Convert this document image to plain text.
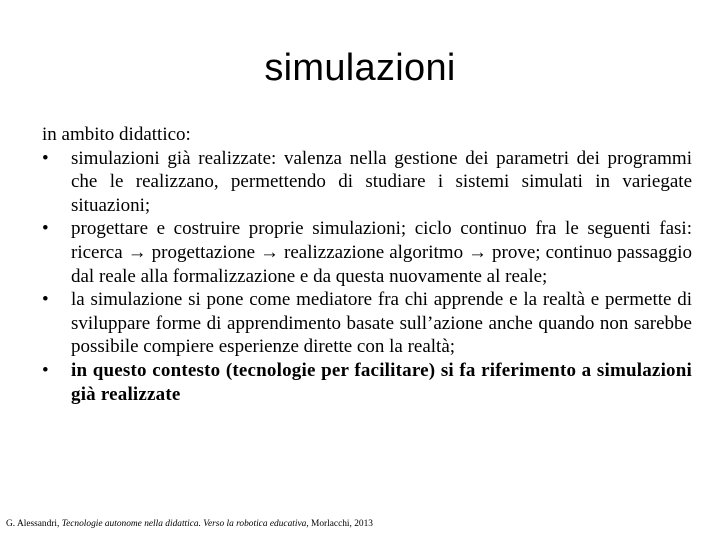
simulazioni

in ambito didattico:

•	simulazioni già realizzate: valenza nella gestione dei parametri dei programmi che le realizzano, permettendo di studiare i sistemi simulati in variegate situazioni;
•	progettare e costruire proprie simulazioni; ciclo continuo fra le seguenti fasi: ricerca → progettazione → realizzazione algoritmo → prove; continuo passaggio dal reale alla formalizzazione e da questa nuovamente al reale;
•	la simulazione si pone come mediatore fra chi apprende e la realtà e permette di sviluppare forme di apprendimento basate sull’azione anche quando non sarebbe possibile compiere esperienze dirette con la realtà;
•	in questo contesto (tecnologie per facilitare) si fa riferimento a simulazioni già realizzate
G. Alessandri, Tecnologie autonome nella didattica. Verso la robotica educativa, Morlacchi, 2013
